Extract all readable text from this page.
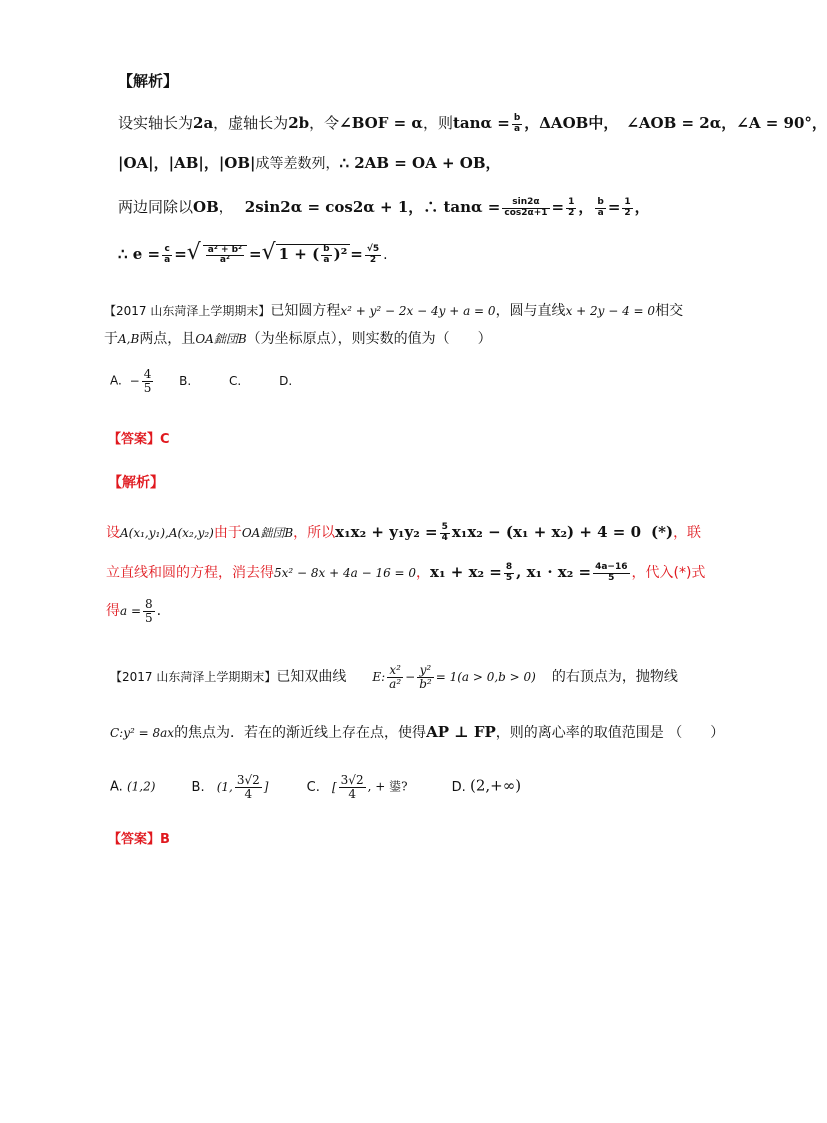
【解析】
设实轴长为2a，虚轴长为2b，令∠BOF = α，则$\tan\alpha = \frac{b}{a}$ ，ΔAOB中， ∠AOB = 2α，∠A = 90°，
|OA|，|AB|，|OB|成等差数列，∴ 2AB = OA + OB，
两边同除以OB， 2sin2α = cos2α + 1，∴ $\tan\alpha = \frac{\sin 2\alpha}{\cos 2\alpha+1} = \frac{1}{2}$ ， $\frac{b}{a} = \frac{1}{2}$ ，
∴ $e = \frac{c}{a}$ =√ $\frac{\text{a² + b²}}{\text{a²}}$ =√ 1 + ( $\frac{b}{a} )^2 = \frac{√5}{2}$ .
【2017 山东菏泽上学期期末】已知圆方程x² + y² − 2x − 4y + a = 0，圆与直线x + 2y − 4 = 0相交
于A,B两点，且OA鈯団B（为坐标原点），则实数的值为（　　）
A. − $\frac{4}{5} B$.	C.	D.
【答案】C
【解析】
设A(x₁,y₁),A(x₂,y₂)由于OA鈯団B，所以$x_1x_2 + y_1y_2 = \frac{5}{4} x_1x_2 - (x_1 + x_2) + 4 = 0$ (*)，联
立直线和圆的方程，消去得5x² − 8x + 4a − 16 = 0，$x_1 + x_2 = \frac{8}{5}$ , $x_1 \cdot x_2 = \frac{4a-16}{5}$ ，代入(*)式
得$a = \frac{8}{5}$ .
【2017 山东菏泽上学期期末】已知双曲线 E: $\frac{\text{x²}}{\text{a²}} - \frac{\text{y²}}{\text{b²}} = 1(a > 0,b > 0)$ 的右顶点为，抛物线
C:y² = 8ax的焦点为．若在的渐近线上存在点，使得AP ⊥ FP，则的离心率的取值范围是 （　　）
A. (1,2)	B. (1, $\frac{3√2}{4}$ ]	C. [ $\frac{3√2}{4}$ , + 鍙?	D. (2,+∞)
【答案】B
